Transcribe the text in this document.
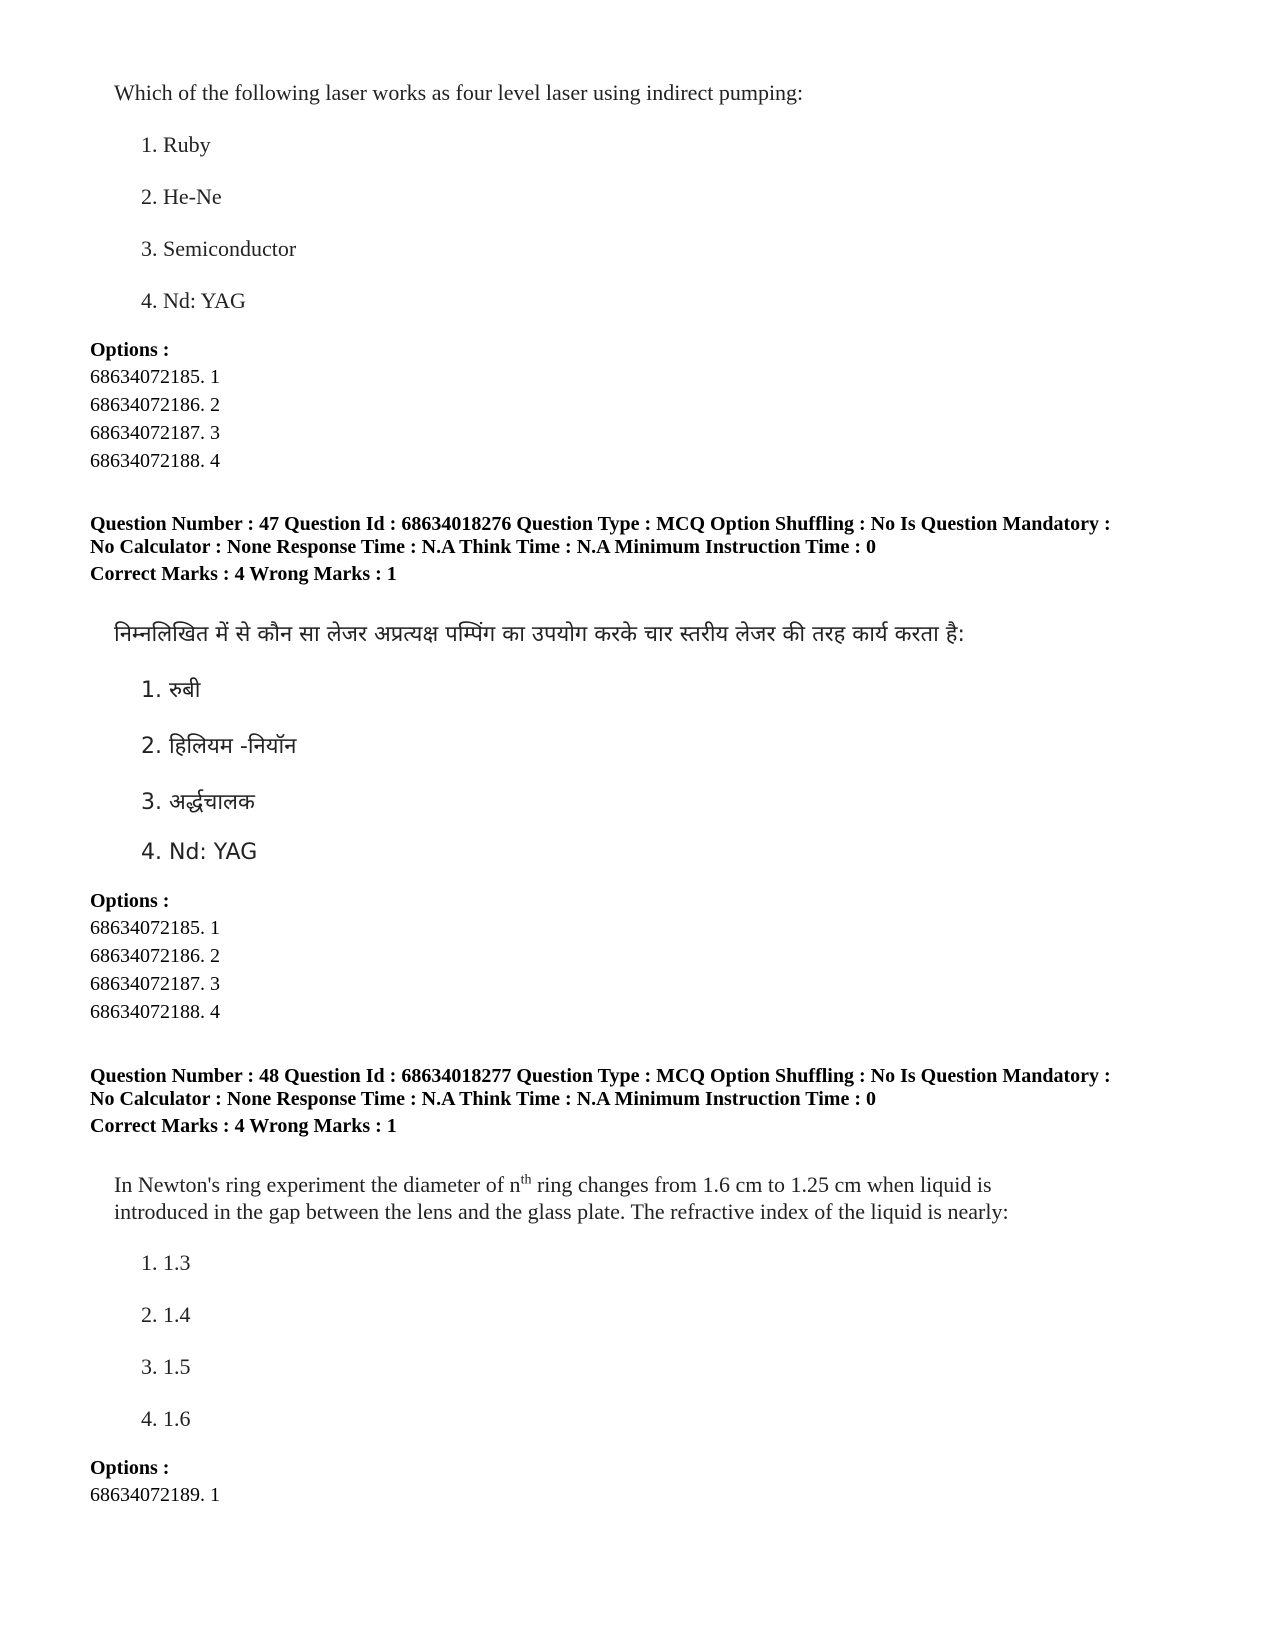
Which of the following laser works as four level laser using indirect pumping:
1. Ruby
2. He-Ne
3. Semiconductor
4. Nd: YAG
Options :
68634072185. 1
68634072186. 2
68634072187. 3
68634072188. 4
Question Number : 47 Question Id : 68634018276 Question Type : MCQ Option Shuffling : No Is Question Mandatory :
No Calculator : None Response Time : N.A Think Time : N.A Minimum Instruction Time : 0
Correct Marks : 4 Wrong Marks : 1
निम्नलिखित में से कौन सा लेजर अप्रत्यक्ष पम्पिंग का उपयोग करके चार स्तरीय लेजर की तरह कार्य करता है:
1. रुबी
2. हिलियम -नियॉन
3. अर्द्धचालक
4. Nd: YAG
Options :
68634072185. 1
68634072186. 2
68634072187. 3
68634072188. 4
Question Number : 48 Question Id : 68634018277 Question Type : MCQ Option Shuffling : No Is Question Mandatory :
No Calculator : None Response Time : N.A Think Time : N.A Minimum Instruction Time : 0
Correct Marks : 4 Wrong Marks : 1
In Newton's ring experiment the diameter of $n^{th}$ ring changes from 1.6 cm to 1.25 cm when liquid is
introduced in the gap between the lens and the glass plate. The refractive index of the liquid is nearly:
1. 1.3
2. 1.4
3. 1.5
4. 1.6
Options :
68634072189. 1
